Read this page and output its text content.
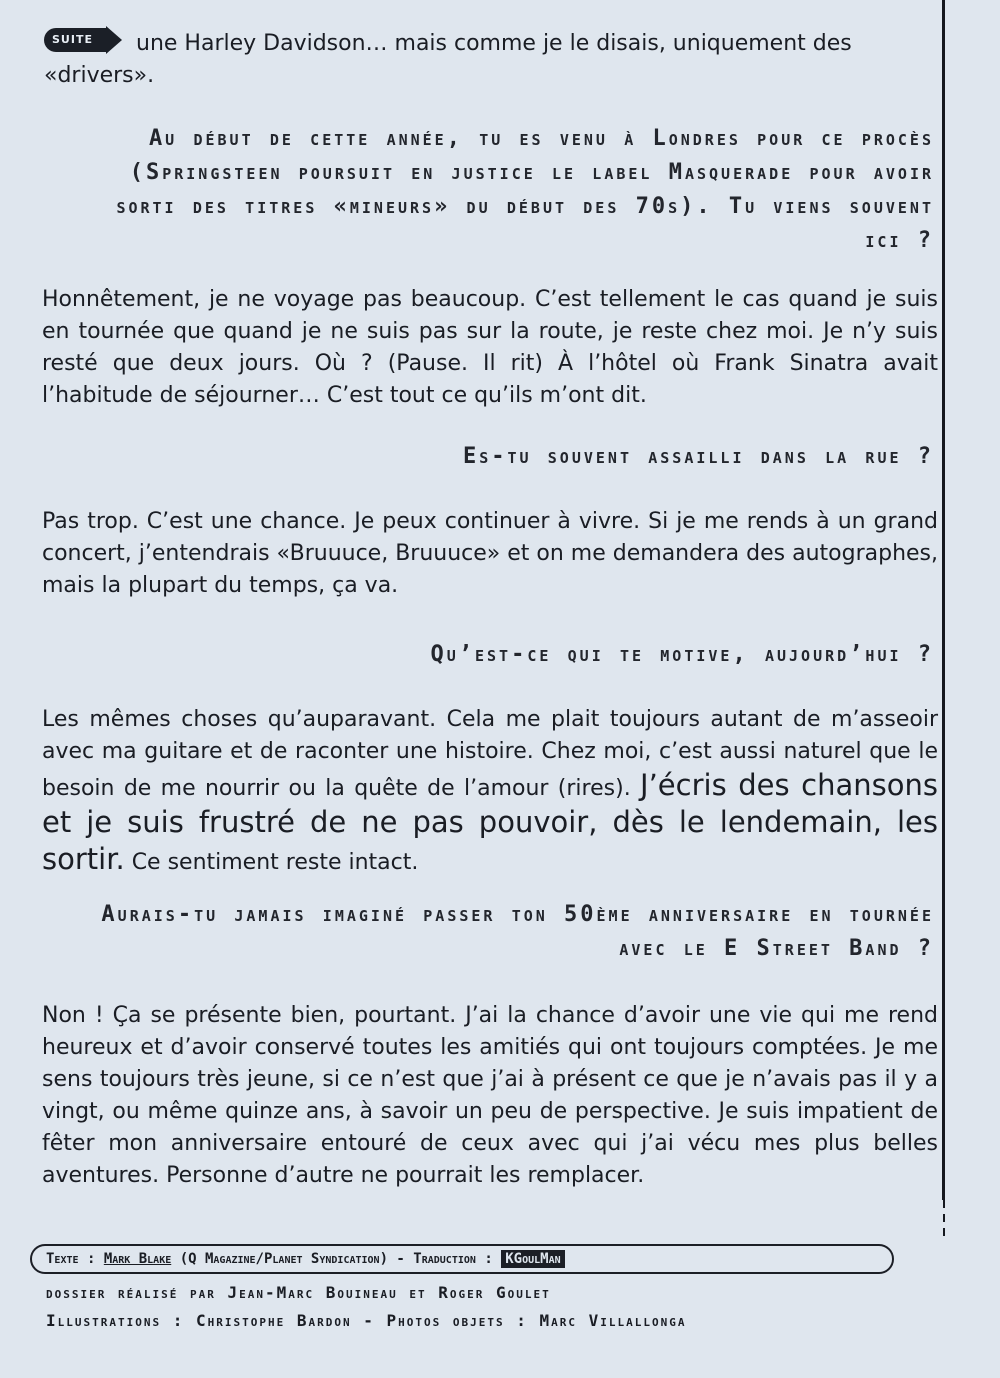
SUITE une Harley Davidson… mais comme je le disais, uniquement des «drivers».
Au début de cette année, tu es venu à Londres pour ce procès (Springsteen poursuit en justice le label Masquerade pour avoir sorti des titres «mineurs» du début des 70s). Tu viens souvent ici ?
Honnêtement, je ne voyage pas beaucoup. C’est tellement le cas quand je suis en tournée que quand je ne suis pas sur la route, je reste chez moi. Je n’y suis resté que deux jours. Où ? (Pause. Il rit) À l’hôtel où Frank Sinatra avait l’habitude de séjourner… C’est tout ce qu’ils m’ont dit.
Es-tu souvent assailli dans la rue ?
Pas trop. C’est une chance. Je peux continuer à vivre. Si je me rends à un grand concert, j’entendrais «Bruuuce, Bruuuce» et on me demandera des autographes, mais la plupart du temps, ça va.
Qu’est-ce qui te motive, aujourd’hui ?
Les mêmes choses qu’auparavant. Cela me plait toujours autant de m’asseoir avec ma guitare et de raconter une histoire. Chez moi, c’est aussi naturel que le besoin de me nourrir ou la quête de l’amour (rires). J’écris des chansons et je suis frustré de ne pas pouvoir, dès le lendemain, les sortir. Ce sentiment reste intact.
Aurais-tu jamais imaginé passer ton 50ème anniversaire en tournée avec le E Street Band ?
Non ! Ça se présente bien, pourtant. J’ai la chance d’avoir une vie qui me rend heureux et d’avoir conservé toutes les amitiés qui ont toujours comptées. Je me sens toujours très jeune, si ce n’est que j’ai à présent ce que je n’avais pas il y a vingt, ou même quinze ans, à savoir un peu de perspective. Je suis impatient de fêter mon anniversaire entouré de ceux avec qui j’ai vécu mes plus belles aventures. Personne d’autre ne pourrait les remplacer.
Texte : Mark Blake (Q Magazine/Planet Syndication) - Traduction : KGoulMan
dossier réalisé par Jean-Marc Bouineau et Roger Goulet
Illustrations : Christophe Bardon - Photos objets : Marc Villallonga
